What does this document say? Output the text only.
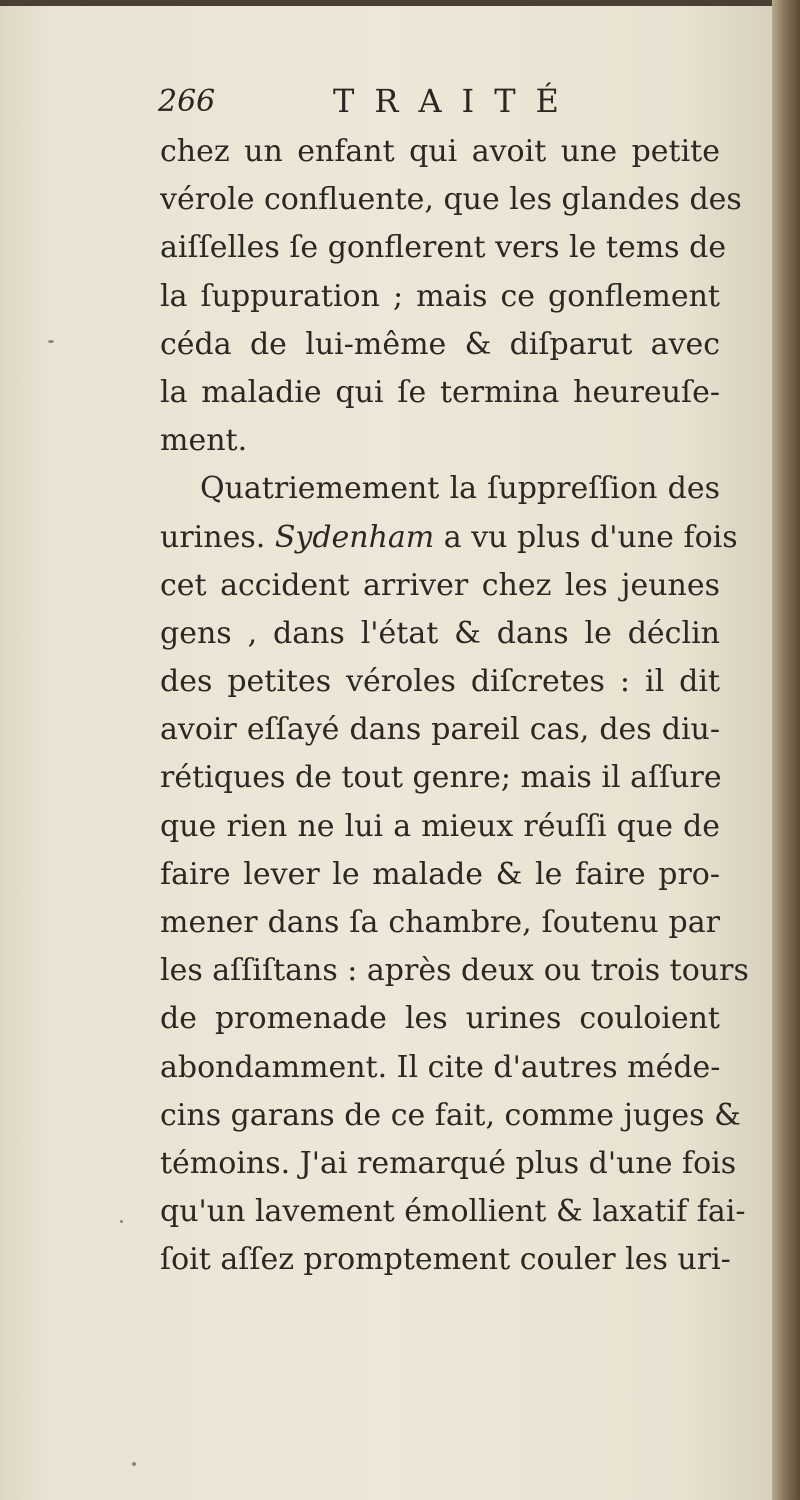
266	TRAITÉ
chez un enfant qui avoit une petite
vérole confluente, que les glandes des
aiſſelles ſe gonflerent vers le tems de
la ſuppuration ; mais ce gonflement
céda de lui-même & diſparut avec
la maladie qui ſe termina heureuſe-
ment.
Quatriemement la ſuppreſſion des
urines. Sydenham a vu plus d'une fois
cet accident arriver chez les jeunes
gens , dans l'état & dans le déclin
des petites véroles diſcretes : il dit
avoir eſſayé dans pareil cas, des diu-
rétiques de tout genre; mais il aſſure
que rien ne lui a mieux réuſſi que de
faire lever le malade & le faire pro-
mener dans ſa chambre, ſoutenu par
les aſſiſtans : après deux ou trois tours
de promenade les urines couloient
abondamment. Il cite d'autres méde-
cins garans de ce fait, comme juges &
témoins. J'ai remarqué plus d'une fois
qu'un lavement émollient & laxatif fai-
ſoit aſſez promptement couler les uri-
